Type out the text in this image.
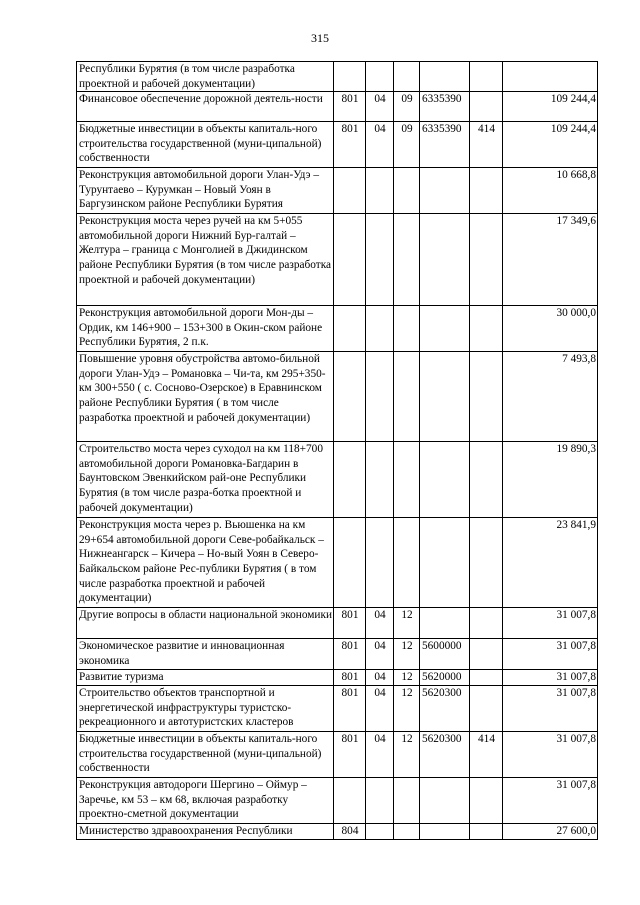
315
Республики Бурятия (в том числе разработка проектной и рабочей документации)						
Финансовое обеспечение дорожной деятель-ности	801	04	09	6335390		109 244,4
Бюджетные инвестиции в объекты капиталь-ного строительства государственной (муни-ципальной) собственности	801	04	09	6335390	414	109 244,4
Реконструкция автомобильной дороги Улан-Удэ – Турунтаево – Курумкан – Новый Уоян в Баргузинском районе Республики Бурятия						10 668,8
Реконструкция моста через ручей на км 5+055 автомобильной дороги Нижний Бур-галтай – Желтура – граница с Монголией в Джидинском районе Республики Бурятия (в том числе разработка проектной и рабочей документации)						17 349,6
Реконструкция автомобильной дороги Мон-ды – Ордик, км 146+900 – 153+300 в Окин-ском районе Республики Бурятия, 2 п.к.						30 000,0
Повышение уровня обустройства автомо-бильной дороги Улан-Удэ – Романовка – Чи-та, км 295+350- км 300+550 ( с. Сосново-Озерское) в Еравнинском районе Республики Бурятия ( в том числе разработка проектной и рабочей документации)						7 493,8
Строительство моста через суходол на км 118+700 автомобильной дороги Романовка-Багдарин в Баунтовском Эвенкийском рай-оне Республики Бурятия (в том числе разра-ботка проектной и рабочей документации)						19 890,3
Реконструкция моста через р. Вьюшенка на км 29+654 автомобильной дороги Севе-робайкальск – Нижнеангарск – Кичера – Но-вый Уоян в Северо-Байкальском районе Рес-публики Бурятия ( в том числе разработка проектной и рабочей документации)						23 841,9
Другие вопросы в области национальной экономики	801	04	12			31 007,8
Экономическое развитие и инновационная экономика	801	04	12	5600000		31 007,8
Развитие туризма	801	04	12	5620000		31 007,8
Строительство объектов транспортной и энергетической инфраструктуры туристско-рекреационного и автотуристских кластеров	801	04	12	5620300		31 007,8
Бюджетные инвестиции в объекты капиталь-ного строительства государственной (муни-ципальной) собственности	801	04	12	5620300	414	31 007,8
Реконструкция автодороги Шергино – Оймур – Заречье, км 53 – км 68, включая разработку проектно-сметной документации						31 007,8
Министерство здравоохранения Республики	804					27 600,0
